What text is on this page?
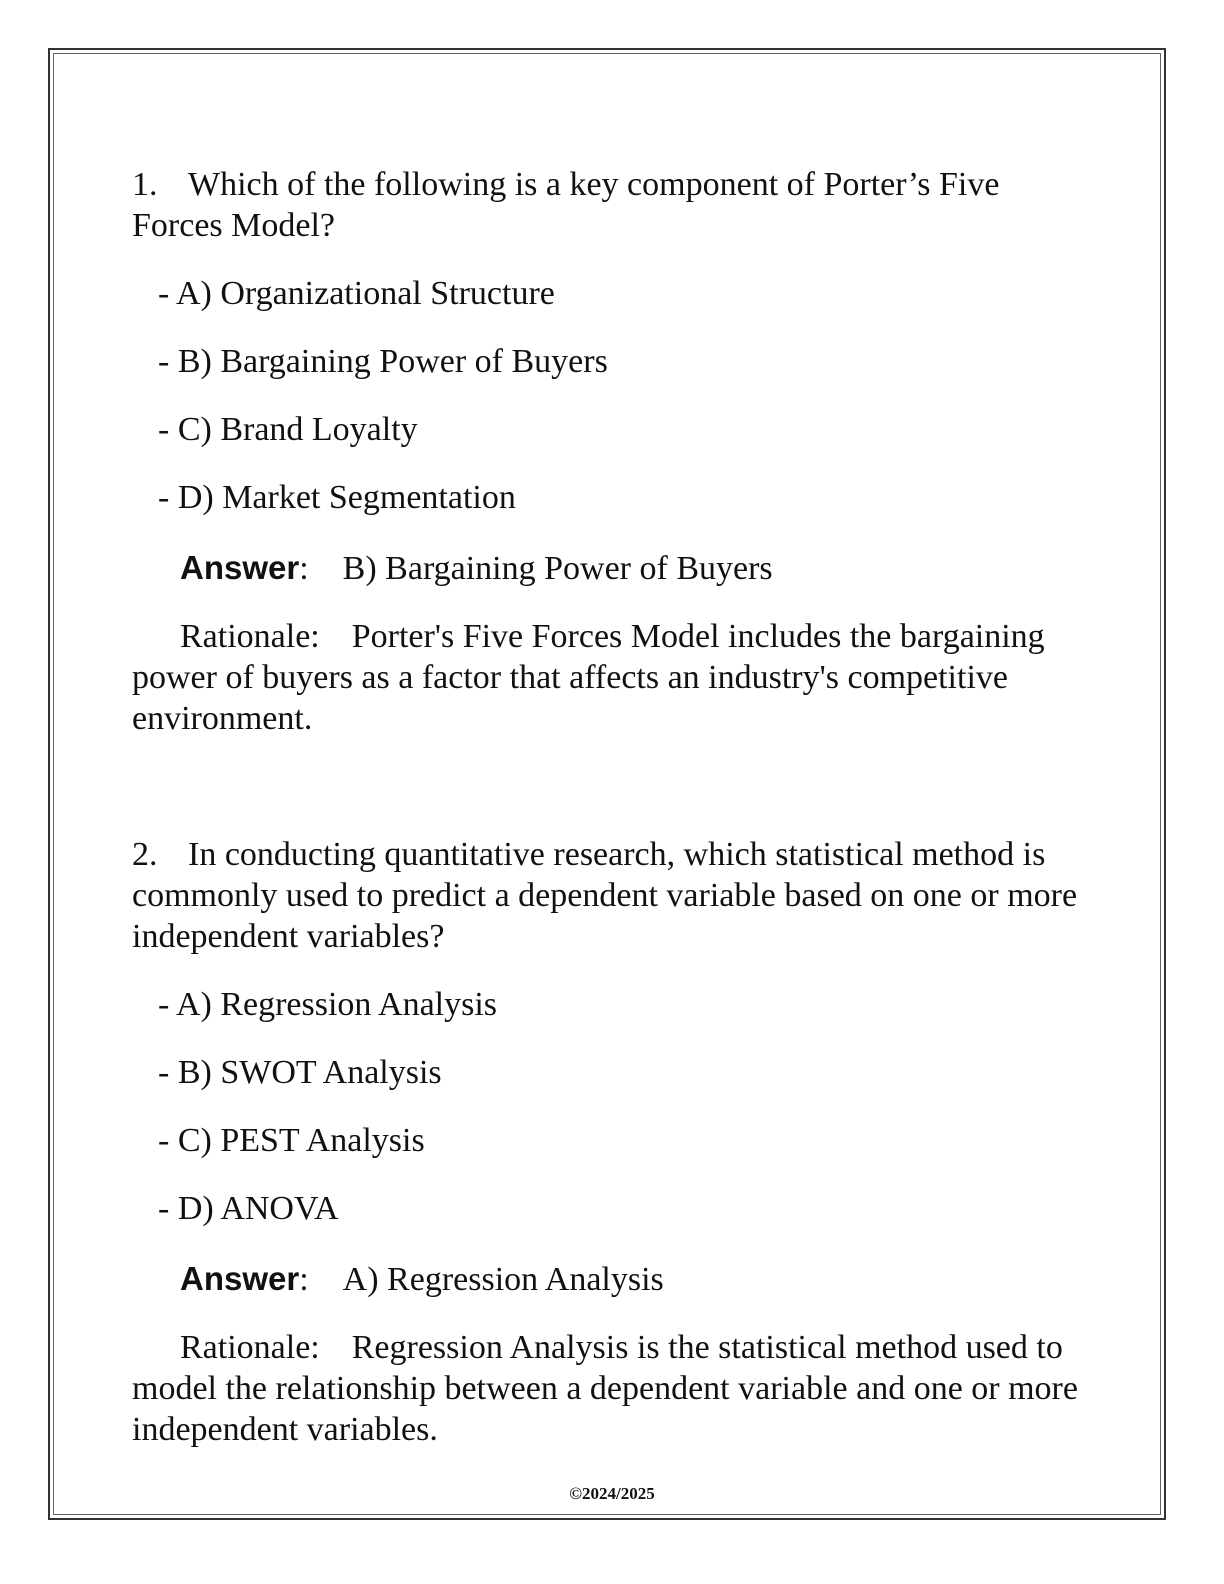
1. Which of the following is a key component of Porter’s Five Forces Model?

- A) Organizational Structure
- B) Bargaining Power of Buyers
- C) Brand Loyalty
- D) Market Segmentation
Answer: B) Bargaining Power of Buyers

Rationale: Porter's Five Forces Model includes the bargaining power of buyers as a factor that affects an industry's competitive environment.

2. In conducting quantitative research, which statistical method is commonly used to predict a dependent variable based on one or more independent variables?

- A) Regression Analysis
- B) SWOT Analysis
- C) PEST Analysis
- D) ANOVA
Answer: A) Regression Analysis

Rationale: Regression Analysis is the statistical method used to model the relationship between a dependent variable and one or more independent variables.

©2024/2025
